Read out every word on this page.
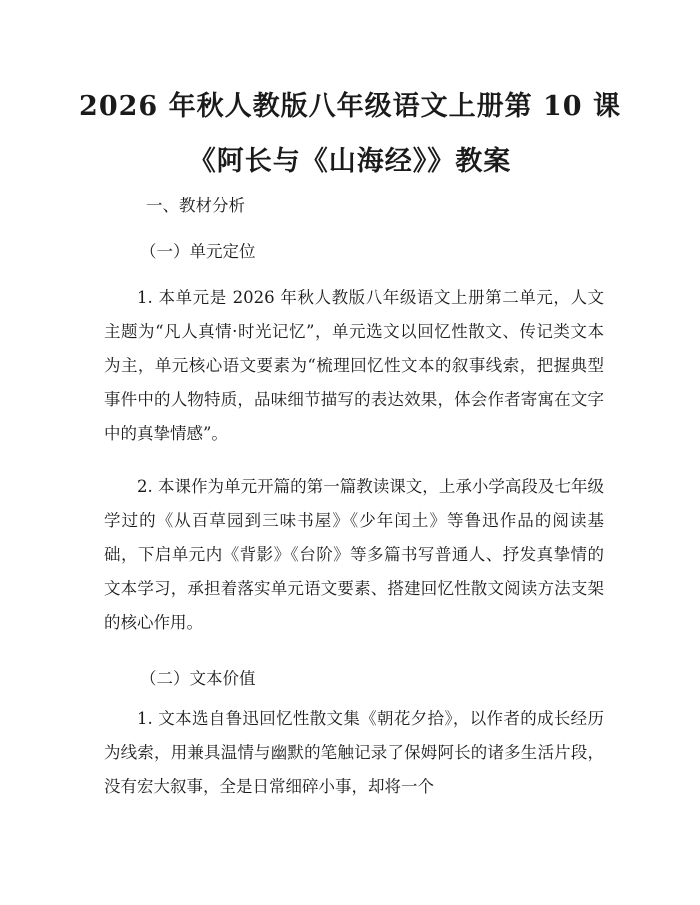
2026 年秋人教版八年级语文上册第 10 课
《阿长与《山海经》》教案
一、教材分析
（一）单元定位
1. 本单元是 2026 年秋人教版八年级语文上册第二单元，人文主题为“凡人真情·时光记忆”，单元选文以回忆性散文、传记类文本为主，单元核心语文要素为“梳理回忆性文本的叙事线索，把握典型事件中的人物特质，品味细节描写的表达效果，体会作者寄寓在文字中的真挚情感”。
2. 本课作为单元开篇的第一篇教读课文，上承小学高段及七年级学过的《从百草园到三味书屋》《少年闰土》等鲁迅作品的阅读基础，下启单元内《背影》《台阶》等多篇书写普通人、抒发真挚情的文本学习，承担着落实单元语文要素、搭建回忆性散文阅读方法支架的核心作用。
（二）文本价值
1. 文本选自鲁迅回忆性散文集《朝花夕拾》，以作者的成长经历为线索，用兼具温情与幽默的笔触记录了保姆阿长的诸多生活片段，没有宏大叙事，全是日常细碎小事，却将一个
